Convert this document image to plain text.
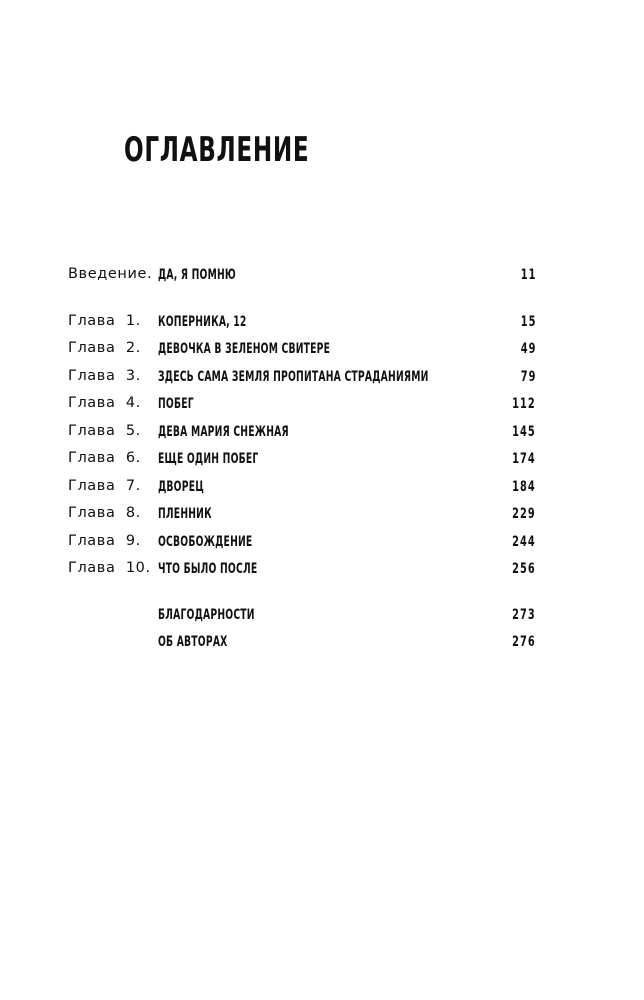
ОГЛАВЛЕНИЕ
Введение. ДА, Я ПОМНЮ	11
Глава  1. КОПЕРНИКА, 12	15
Глава  2. ДЕВОЧКА В ЗЕЛЕНОМ СВИТЕРЕ	49
Глава  3. ЗДЕСЬ САМА ЗЕМЛЯ ПРОПИТАНА СТРАДАНИЯМИ	79
Глава  4. ПОБЕГ	112
Глава  5. ДЕВА МАРИЯ СНЕЖНАЯ	145
Глава  6. ЕЩЕ ОДИН ПОБЕГ	174
Глава  7. ДВОРЕЦ	184
Глава  8. ПЛЕННИК	229
Глава  9. ОСВОБОЖДЕНИЕ	244
Глава  10. ЧТО БЫЛО ПОСЛЕ	256
БЛАГОДАРНОСТИ	273
ОБ АВТОРАХ	276
